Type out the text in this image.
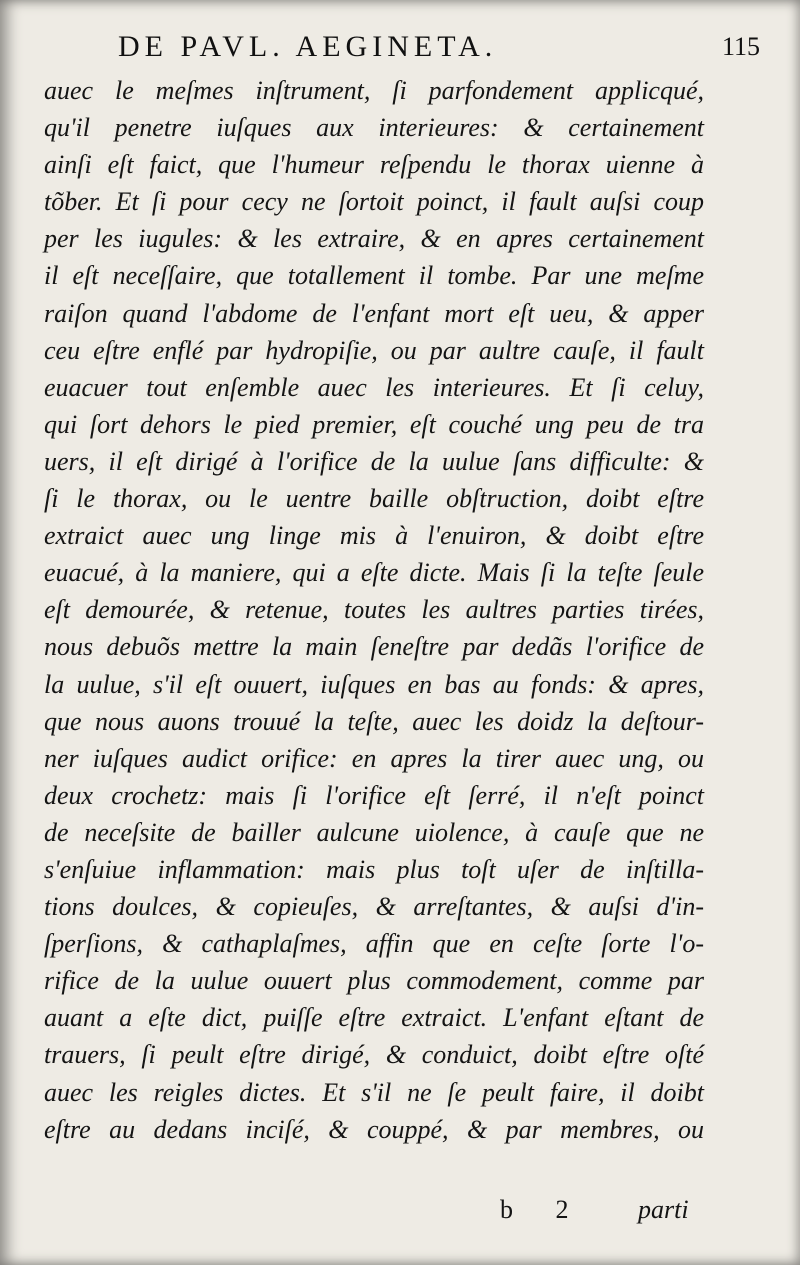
DE PAVL. AEGINETA.	115
auec le meſmes inſtrument, ſi parfondement applicqué,
qu'il penetre iuſques aux interieures: & certainement
ainſi eſt faict, que l'humeur reſpendu le thorax uienne à
tõber. Et ſi pour cecy ne ſortoit poinct, il fault auſsi coup
per les iugules: & les extraire, & en apres certainement
il eſt neceſſaire, que totallement il tombe. Par une meſme
raiſon quand l'abdome de l'enfant mort eſt ueu, & apper
ceu eſtre enflé par hydropiſie, ou par aultre cauſe, il fault
euacuer tout enſemble auec les interieures. Et ſi celuy,
qui ſort dehors le pied premier, eſt couché ung peu de tra
uers, il eſt dirigé à l'orifice de la uulue ſans difficulte: &
ſi le thorax, ou le uentre baille obſtruction, doibt eſtre
extraict auec ung linge mis à l'enuiron, & doibt eſtre
euacué, à la maniere, qui a eſte dicte. Mais ſi la teſte ſeule
eſt demourée, & retenue, toutes les aultres parties tirées,
nous debuõs mettre la main ſeneſtre par dedãs l'orifice de
la uulue, s'il eſt ouuert, iuſques en bas au fonds: & apres,
que nous auons trouué la teſte, auec les doidz la deſtour-
ner iuſques audict orifice: en apres la tirer auec ung, ou
deux crochetz: mais ſi l'orifice eſt ſerré, il n'eſt poinct
de neceſsite de bailler aulcune uiolence, à cauſe que ne
s'enſuiue inflammation: mais plus toſt uſer de inſtilla-
tions doulces, & copieuſes, & arreſtantes, & auſsi d'in-
ſperſions, & cathaplaſmes, affin que en ceſte ſorte l'o-
rifice de la uulue ouuert plus commodement, comme par
auant a eſte dict, puiſſe eſtre extraict. L'enfant eſtant de
trauers, ſi peult eſtre dirigé, & conduict, doibt eſtre oſté
auec les reigles dictes. Et s'il ne ſe peult faire, il doibt
eſtre au dedans inciſé, & couppé, & par membres, ou
b 2	parti
